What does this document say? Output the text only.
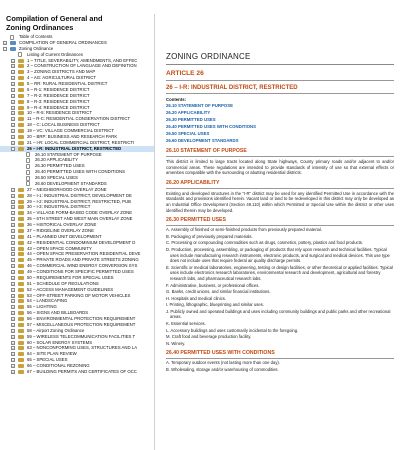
Compilation of General and
Zoning Ordinances
Table of Contents
+	COMPILATION OF GENERAL ORDINANCES
-	Zoning Ordinance
Listing of Current Ordinances
+	1 – TITLE, SEVERABILITY, AMENDMENTS, AND EFFEC
+	2 – CONSTRUCTION OF LANGUAGE AND DEFINITION
+	3 – ZONING DISTRICTS AND MAP
+	4 – AG: AGRICULTURAL DISTRICT
+	5 – RR: RURAL RESIDENTIAL DISTRICT
+	6 – R-1: RESIDENCE DISTRICT
+	7 – R-2: RESIDENCE DISTRICT
+	8 – R-3: RESIDENCE DISTRICT
+	9 – R-4: RESIDENCE DISTRICT
+	10 – R-5: RESIDENCE DISTRICT
+	11 – R-C: RESIDENTIAL CONSERVATION DISTRICT
+	18 – C: LOCAL BUSINESS DISTRICT
+	19 – VC: VILLAGE COMMERCIAL DISTRICT
+	20 – BRP: BUSINESS AND RESEARCH PARK
+	21 – I-R: LOCAL COMMERCIAL DISTRICT, RESTRICTI
-	26 – I-R: INDUSTRIAL DISTRICT, RESTRICTED
26.10 STATEMENT OF PURPOSE
26.20 APPLICABILITY
26.30 PERMITTED USES
26.40 PERMITTED USES WITH CONDITIONS
26.50 SPECIAL USES
26.60 DEVELOPMENT STANDARDS
+	27 – NEIGHBORHOOD OVERLAY ZONE
+	28 – I-1: INDUSTRIAL DISTRICT, DEVELOPMENT DE
+	29 – I-2: INDUSTRIAL DISTRICT, RESTRICTED, PUB
+	30 – I-3: INDUSTRIAL DISTRICT
+	34 – VILLAGE FORM-BASED CODE OVERLAY ZONE
+	35 – 6TH STREET AND WEST MAIN OVERLAY ZONE
+	36 – HISTORICAL OVERLAY ZONE
+	37 – RIDGELINE OVERLAY ZONE
+	41 – PLANNED UNIT DEVELOPMENT
+	42 – RESIDENTIAL CONDOMINIUM DEVELOPMENT D
+	43 – OPEN SPACE COMMUNITY
+	44 – OPEN SPACE PRESERVATION RESIDENTIAL DEVE
+	45 – PRIVATE ROADS AND PRIVATE STREETS ZONING
+	46 – COMMERCIAL WIND ENERGY CONVERSION SYS
+	49 – CONDITIONS FOR SPECIFIC PERMITTED USES
+	50 – REQUIREMENTS FOR SPECIAL USES
+	51 – SCHEDULE OF REGULATIONS
+	52 – ACCESS MANAGEMENT GUIDELINES
+	53 – OFF-STREET PARKING OF MOTOR VEHICLES
+	54 – LANDSCAPING
+	55 – LIGHTING
+	56 – SIGNS AND BILLBOARDS
+	56 – ENVIRONMENTAL PROTECTION REQUIREMENT
+	57 – MISCELLANEOUS PROTECTION REQUIREMENT
+	58 – Airport Zoning Ordinance
+	59 – WIRELESS TELECOMMUNICATION FACILITIES T
+	60 – SOLAR ENERGY SYSTEMS
+	63 – NONCONFORMING USES, STRUCTURES AND LA
+	64 – SITE PLAN REVIEW
+	65 – SPECIAL USES
+	66 – CONDITIONAL REZONING
+	67 – BUILDING PERMITS AND CERTIFICATES OF OCC
ZONING ORDINANCE
ARTICLE 26
26 – I-R: INDUSTRIAL DISTRICT, RESTRICTED
Contents:
26.10 STATEMENT OF PURPOSE
26.20 APPLICABILITY
26.30 PERMITTED USES
26.40 PERMITTED USES WITH CONDITIONS
26.50 SPECIAL USES
26.60 DEVELOPMENT STANDARDS
26.10 STATEMENT OF PURPOSE
This district is limited to large tracts located along State highways, County primary roads and/or adjacent to and/or commercial areas. These regulations are intended to provide standards of intensity of use so that external effects or amenities compatible with the surrounding or abutting residential districts.
26.20 APPLICABILITY
Existing and developed structures in the "I-R" district may be used for any identified Permitted Use in accordance with the standards and provisions identified herein. Vacant land or land to be redeveloped in this district may only be developed as an Industrial Office Development (Section 49.110) within which Permitted or Special Use within the district or other uses identified therein may be developed.
26.30 PERMITTED USES
A. Assembly of finished or semi-finished products from previously prepared material.
B. Packaging of previously prepared materials.
C. Processing or compounding commodities such as drugs, cosmetics, pottery, plastics and food products.
D. Production, processing, assembling, or packaging of products that rely upon research and technical facilities. Typical uses include manufacturing research instruments, electronic products, and surgical and medical devices. This use type does not include uses that require federal air quality discharge permits.
E. Scientific or medical laboratories, engineering, testing or design facilities, or other theoretical or applied facilities. Typical uses include electronics research laboratories, environmental research and development, agricultural and forestry research labs, and pharmaceutical research labs.
F. Administrative, business, or professional offices.
G. Banks, credit unions, and similar financial institutions.
H. Hospitals and medical clinics.
I. Printing, lithographic, blueprinting and similar uses.
J. Publicly owned and operated buildings and uses including community buildings and public parks and other recreational areas.
K. Essential services.
L. Accessory buildings and uses customarily incidental to the foregoing.
M. Craft food and beverage production facility.
N. Winery.
26.40 PERMITTED USES WITH CONDITIONS
A. Temporary outdoor events (not lasting more than one day).
B. Wholesaling, storage and/or warehousing of commodities.
